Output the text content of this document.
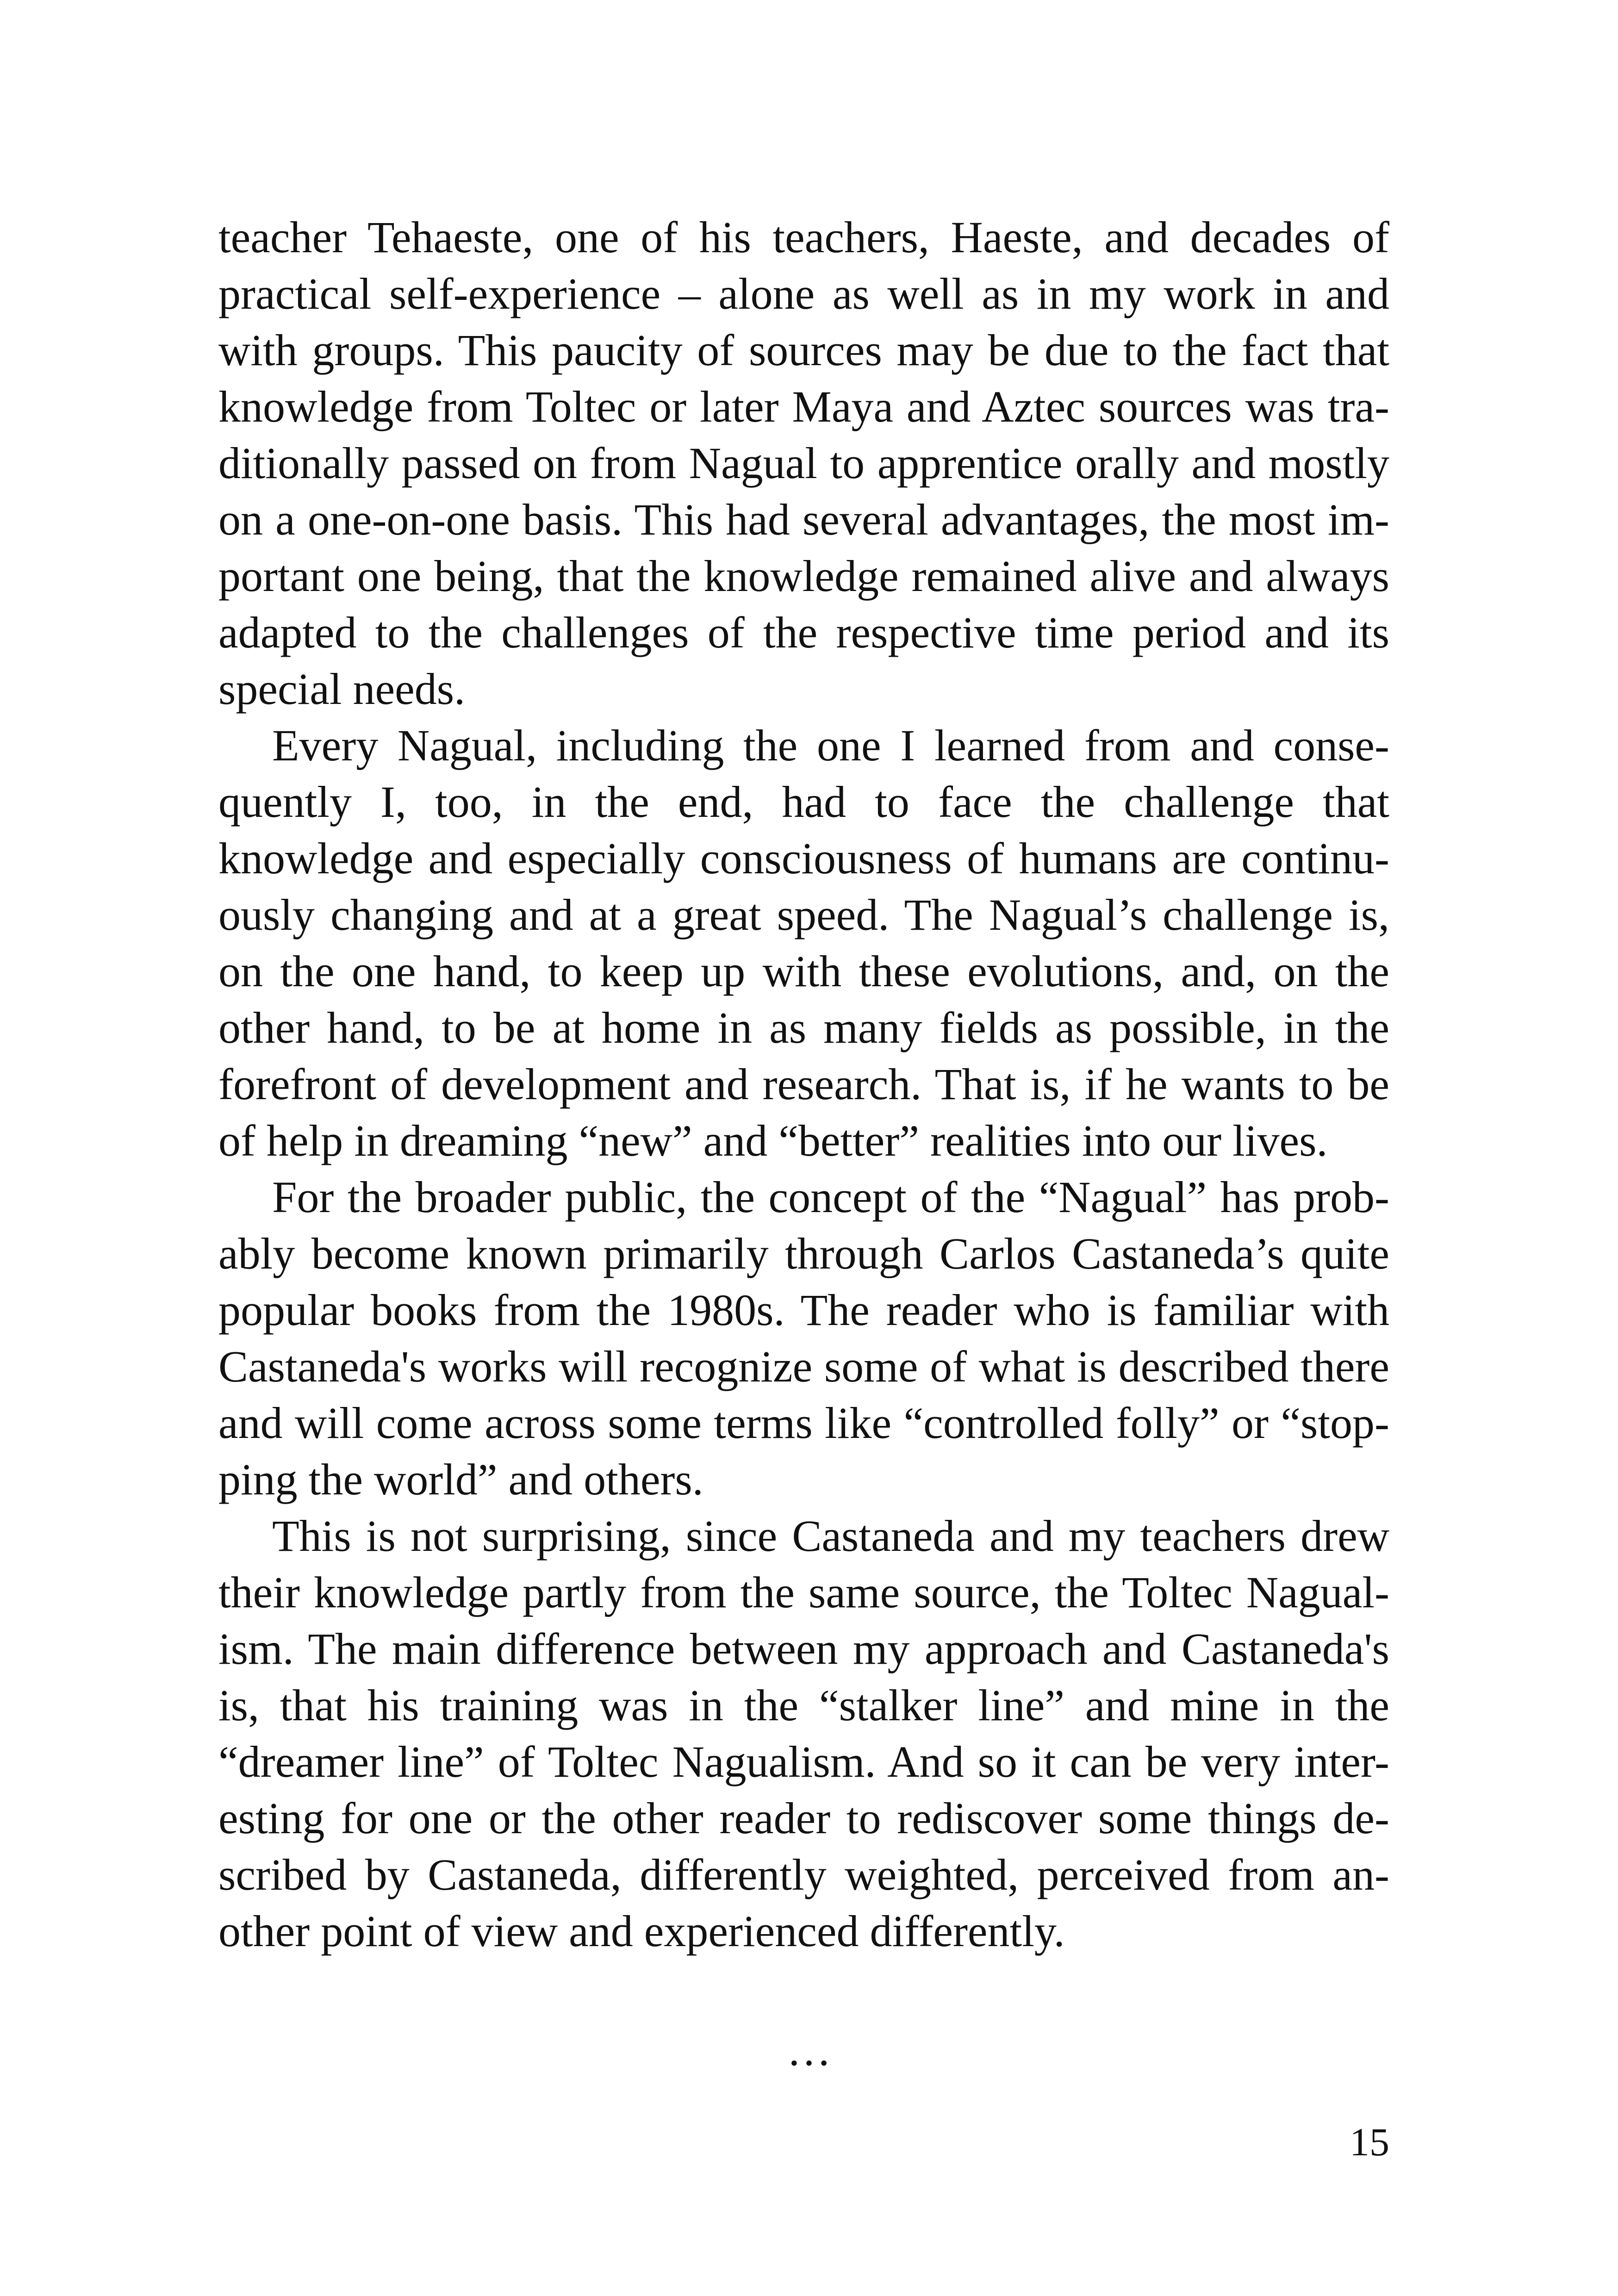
teacher Tehaeste, one of his teachers, Haeste, and decades of
practical self-experience – alone as well as in my work in and
with groups. This paucity of sources may be due to the fact that
knowledge from Toltec or later Maya and Aztec sources was tra-
ditionally passed on from Nagual to apprentice orally and mostly
on a one-on-one basis. This had several advantages, the most im-
portant one being, that the knowledge remained alive and always
adapted to the challenges of the respective time period and its
special needs.
Every Nagual, including the one I learned from and conse-
quently I, too, in the end, had to face the challenge that
knowledge and especially consciousness of humans are continu-
ously changing and at a great speed. The Nagual’s challenge is,
on the one hand, to keep up with these evolutions, and, on the
other hand, to be at home in as many fields as possible, in the
forefront of development and research. That is, if he wants to be
of help in dreaming “new” and “better” realities into our lives.
For the broader public, the concept of the “Nagual” has prob-
ably become known primarily through Carlos Castaneda’s quite
popular books from the 1980s. The reader who is familiar with
Castaneda's works will recognize some of what is described there
and will come across some terms like “controlled folly” or “stop-
ping the world” and others.
This is not surprising, since Castaneda and my teachers drew
their knowledge partly from the same source, the Toltec Nagual-
ism. The main difference between my approach and Castaneda's
is, that his training was in the “stalker line” and mine in the
“dreamer line” of Toltec Nagualism. And so it can be very inter-
esting for one or the other reader to rediscover some things de-
scribed by Castaneda, differently weighted, perceived from an-
other point of view and experienced differently.
…
15
